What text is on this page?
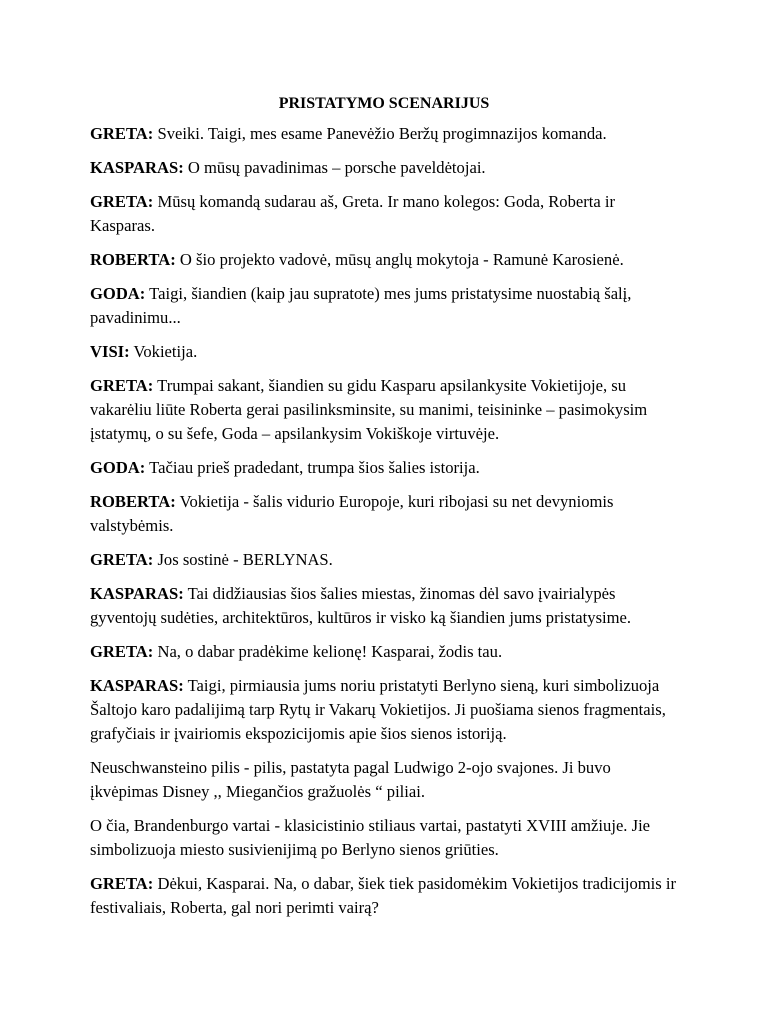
PRISTATYMO SCENARIJUS
GRETA: Sveiki. Taigi, mes esame Panevėžio Beržų progimnazijos komanda.
KASPARAS: O mūsų pavadinimas – porsche paveldėtojai.
GRETA: Mūsų komandą sudarau aš, Greta. Ir mano kolegos: Goda, Roberta ir Kasparas.
ROBERTA: O šio projekto vadovė, mūsų anglų mokytoja - Ramunė Karosienė.
GODA: Taigi, šiandien (kaip jau supratote) mes jums pristatysime nuostabią šalį, pavadinimu...
VISI: Vokietija.
GRETA: Trumpai sakant, šiandien su gidu Kasparu apsilankysite Vokietijoje, su vakarėliu liūte Roberta gerai pasilinksminsite, su manimi, teisininke – pasimokysim įstatymų, o su šefe, Goda – apsilankysim Vokiškoje virtuvėje.
GODA: Tačiau prieš pradedant, trumpa šios šalies istorija.
ROBERTA: Vokietija - šalis vidurio Europoje, kuri ribojasi su net devyniomis valstybėmis.
GRETA: Jos sostinė - BERLYNAS.
KASPARAS: Tai didžiausias šios šalies miestas, žinomas dėl savo įvairialypės gyventojų sudėties, architektūros, kultūros ir visko ką šiandien jums pristatysime.
GRETA: Na, o dabar pradėkime kelionę! Kasparai, žodis tau.
KASPARAS: Taigi, pirmiausia jums noriu pristatyti Berlyno sieną, kuri simbolizuoja Šaltojo karo padalijimą tarp Rytų ir Vakarų Vokietijos. Ji puošiama sienos fragmentais, grafyčiais ir įvairiomis ekspozicijomis apie šios sienos istoriją.
Neuschwansteino pilis - pilis, pastatyta pagal Ludwigo 2-ojo svajones. Ji buvo įkvėpimas Disney ,, Miegančios gražuolės “ piliai.
O čia, Brandenburgo vartai - klasicistinio stiliaus vartai, pastatyti XVIII amžiuje. Jie simbolizuoja miesto susivienijimą po Berlyno sienos griūties.
GRETA: Dėkui, Kasparai. Na, o dabar, šiek tiek pasidomėkim Vokietijos tradicijomis ir festivaliais, Roberta, gal nori perimti vairą?
